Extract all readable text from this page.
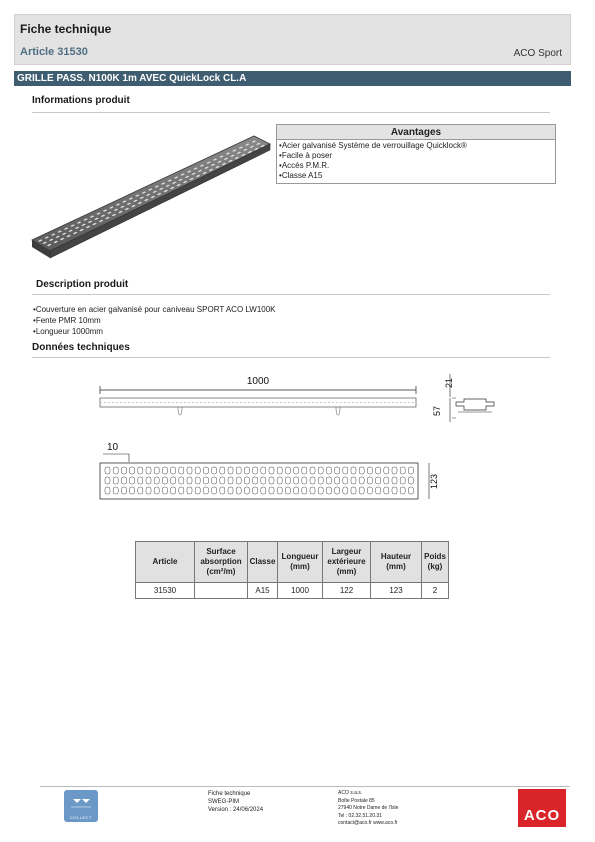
Fiche technique
Article 31530	ACO Sport
GRILLE PASS. N100K 1m AVEC QuickLock CL.A
Informations produit
Avantages
• Acier galvanisé Système de verrouillage Quicklock®
• Facile à poser
• Accès P.M.R.
• Classe A15
Description produit
• Couverture en acier galvanisé pour caniveau SPORT ACO LW100K
• Fente PMR 10mm
• Longueur 1000mm
Données techniques
1000	21
57
10
123
Article	Surface absorption (cm²/m)	Classe	Longueur (mm)	Largeur extérieure (mm)	Hauteur (mm)	Poids (kg)
31530		A15	1000	122	123	2
COLLECT
Fiche technique
SWEG-PIM
Version : 24/06/2024
ACO s.a.s.
Boîte Postale 85
27940 Notre Dame de l'Isle
Tel : 02.32.51.20.31
contact@aco.fr www.aco.fr	ACO
